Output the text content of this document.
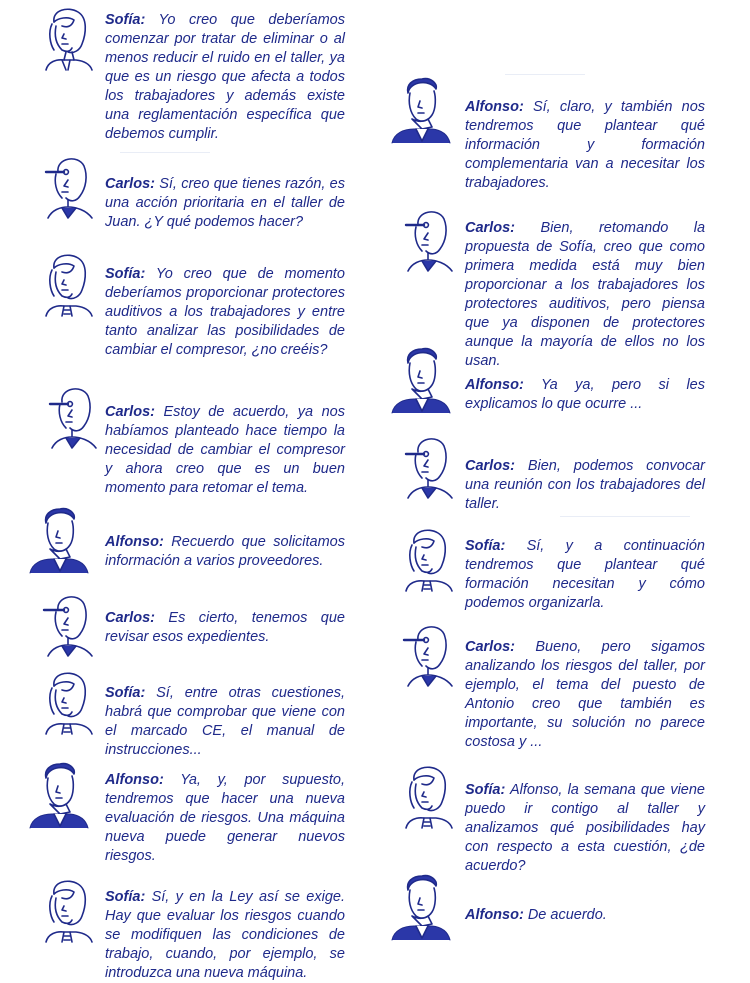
Sofía: Yo creo que deberíamos comenzar por tratar de eliminar o al menos reducir el ruido en el taller, ya que es un riesgo que afecta a todos los trabajadores y además existe una reglamentación específica que debemos cumplir.
Carlos: Sí, creo que tienes razón, es una acción prioritaria en el taller de Juan. ¿Y qué podemos hacer?
Sofía: Yo creo que de momento deberíamos proporcionar protectores auditivos a los trabajadores y entre tanto analizar las posibilidades de cambiar el compresor, ¿no creéis?
Carlos: Estoy de acuerdo, ya nos habíamos planteado hace tiempo la necesidad de cambiar el compresor y ahora creo que es un buen momento para retomar el tema.
Alfonso: Recuerdo que solicitamos información a varios proveedores.
Carlos: Es cierto, tenemos que revisar esos expedientes.
Sofía: Sí, entre otras cuestiones, habrá que comprobar que viene con el marcado CE, el manual de instrucciones...
Alfonso: Ya, y, por supuesto, tendremos que hacer una nueva evaluación de riesgos. Una máquina nueva puede generar nuevos riesgos.
Sofía: Sí, y en la Ley así se exige. Hay que evaluar los riesgos cuando se modifiquen las condiciones de trabajo, cuando, por ejemplo, se introduzca una nueva máquina.
Alfonso: Sí, claro, y también nos tendremos que plantear qué información y formación complementaria van a necesitar los trabajadores.
Carlos: Bien, retomando la propuesta de Sofía, creo que como primera medida está muy bien proporcionar a los trabajadores los protectores auditivos, pero piensa que ya disponen de protectores aunque la mayoría de ellos no los usan.
Alfonso: Ya ya, pero si les explicamos lo que ocurre ...
Carlos: Bien, podemos convocar una reunión con los trabajadores del taller.
Sofía: Sí, y a continuación tendremos que plantear qué formación necesitan y cómo podemos organizarla.
Carlos: Bueno, pero sigamos analizando los riesgos del taller, por ejemplo, el tema del puesto de Antonio creo que también es importante, su solución no parece costosa y ...
Sofía: Alfonso, la semana que viene puedo ir contigo al taller y analizamos qué posibilidades hay con respecto a esta cuestión, ¿de acuerdo?
Alfonso: De acuerdo.
